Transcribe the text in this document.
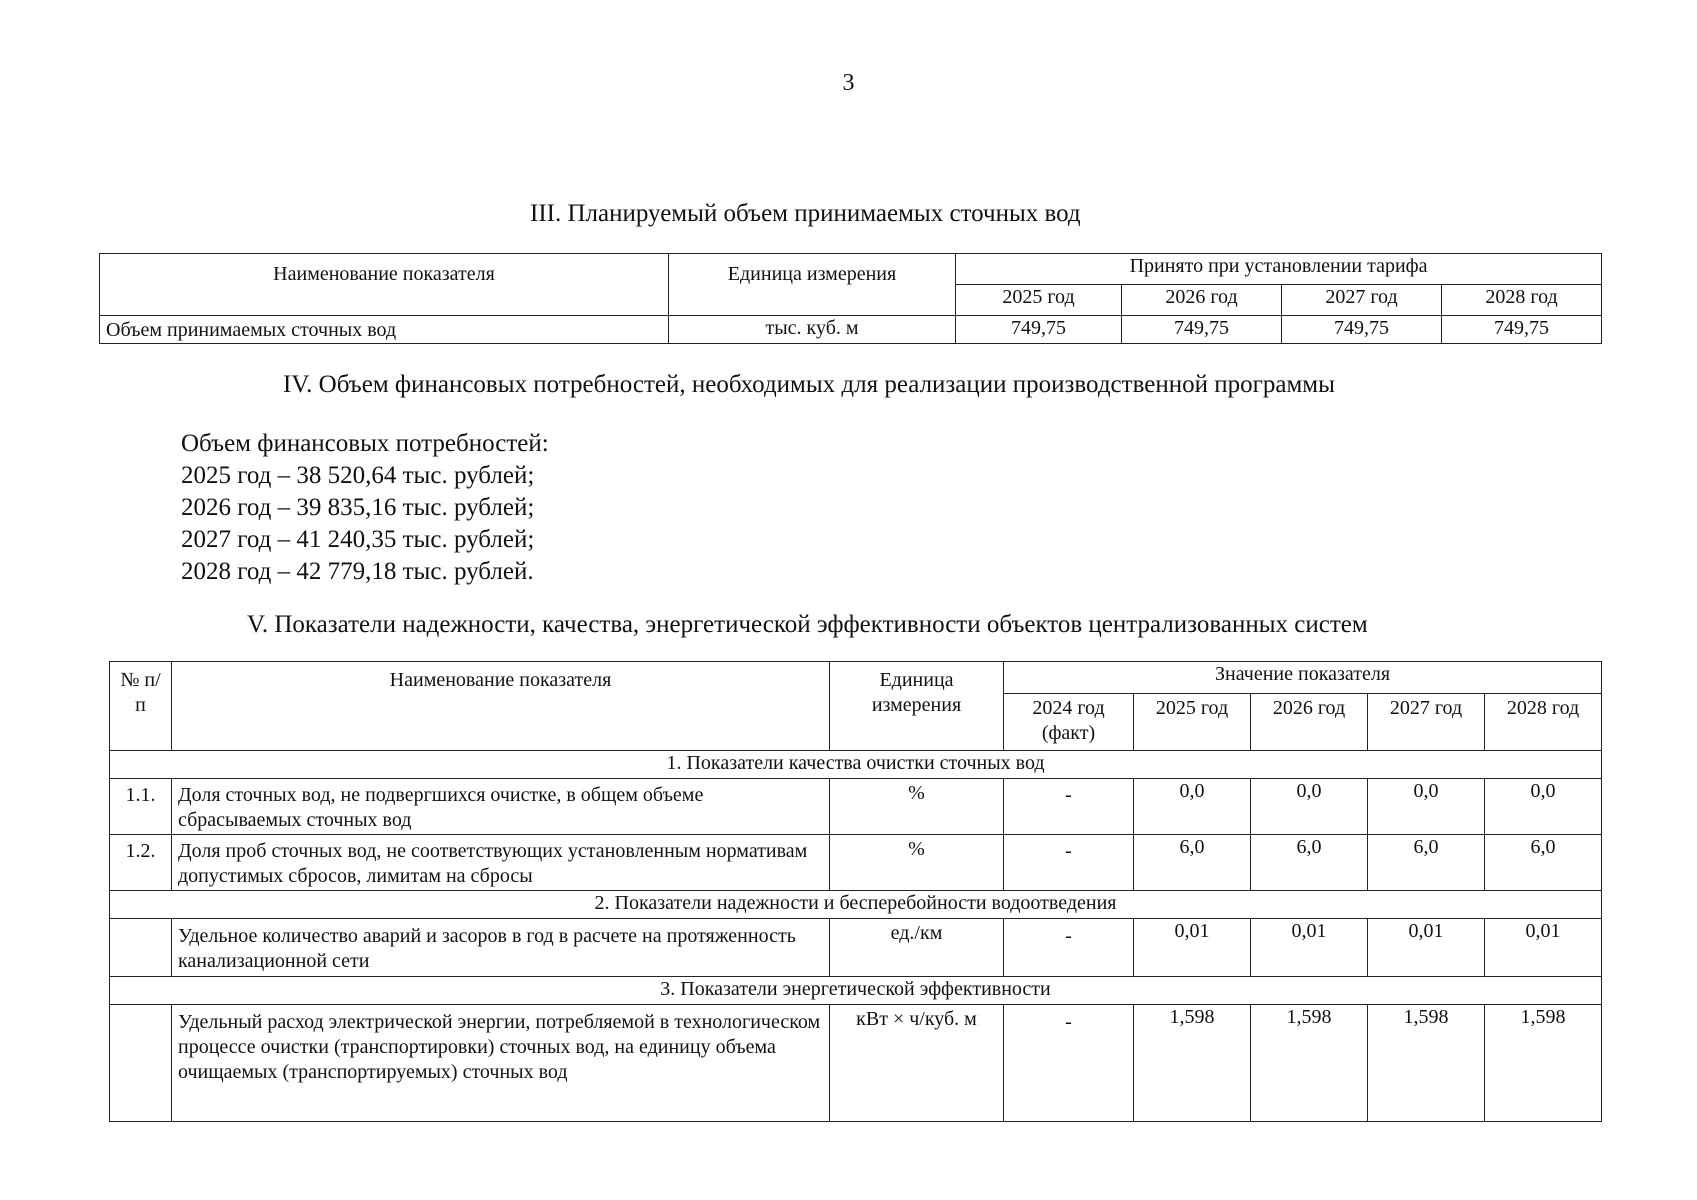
3
III. Планируемый объем принимаемых сточных вод
Наименование показателя	Единица измерения	Принято при установлении тарифа			
		2025 год	2026 год	2027 год	2028 год
Объем принимаемых сточных вод	тыс. куб. м	749,75	749,75	749,75	749,75
IV. Объем финансовых потребностей, необходимых для реализации производственной программы
Объем финансовых потребностей:
2025 год – 38 520,64 тыс. рублей;
2026 год – 39 835,16 тыс. рублей;
2027 год – 41 240,35 тыс. рублей;
2028 год – 42 779,18 тыс. рублей.
V. Показатели надежности, качества, энергетической эффективности объектов централизованных систем
№ п/п	Наименование показателя	Единица измерения	Значение показателя				
			2024 год (факт)	2025 год	2026 год	2027 год	2028 год
1. Показатели качества очистки сточных вод							
1.1.	Доля сточных вод, не подвергшихся очистке, в общем объеме сбрасываемых сточных вод	%	-	0,0	0,0	0,0	0,0
1.2.	Доля проб сточных вод, не соответствующих установленным нормативам допустимых сбросов, лимитам на сбросы	%	-	6,0	6,0	6,0	6,0
2. Показатели надежности и бесперебойности водоотведения							
	Удельное количество аварий и засоров в год в расчете на протяженность канализационной сети	ед./км	-	0,01	0,01	0,01	0,01
3. Показатели энергетической эффективности							
	Удельный расход электрической энергии, потребляемой в технологическом процессе очистки (транспортировки) сточных вод, на единицу объема очищаемых (транспортируемых) сточных вод	кВт × ч/куб. м	-	1,598	1,598	1,598	1,598
